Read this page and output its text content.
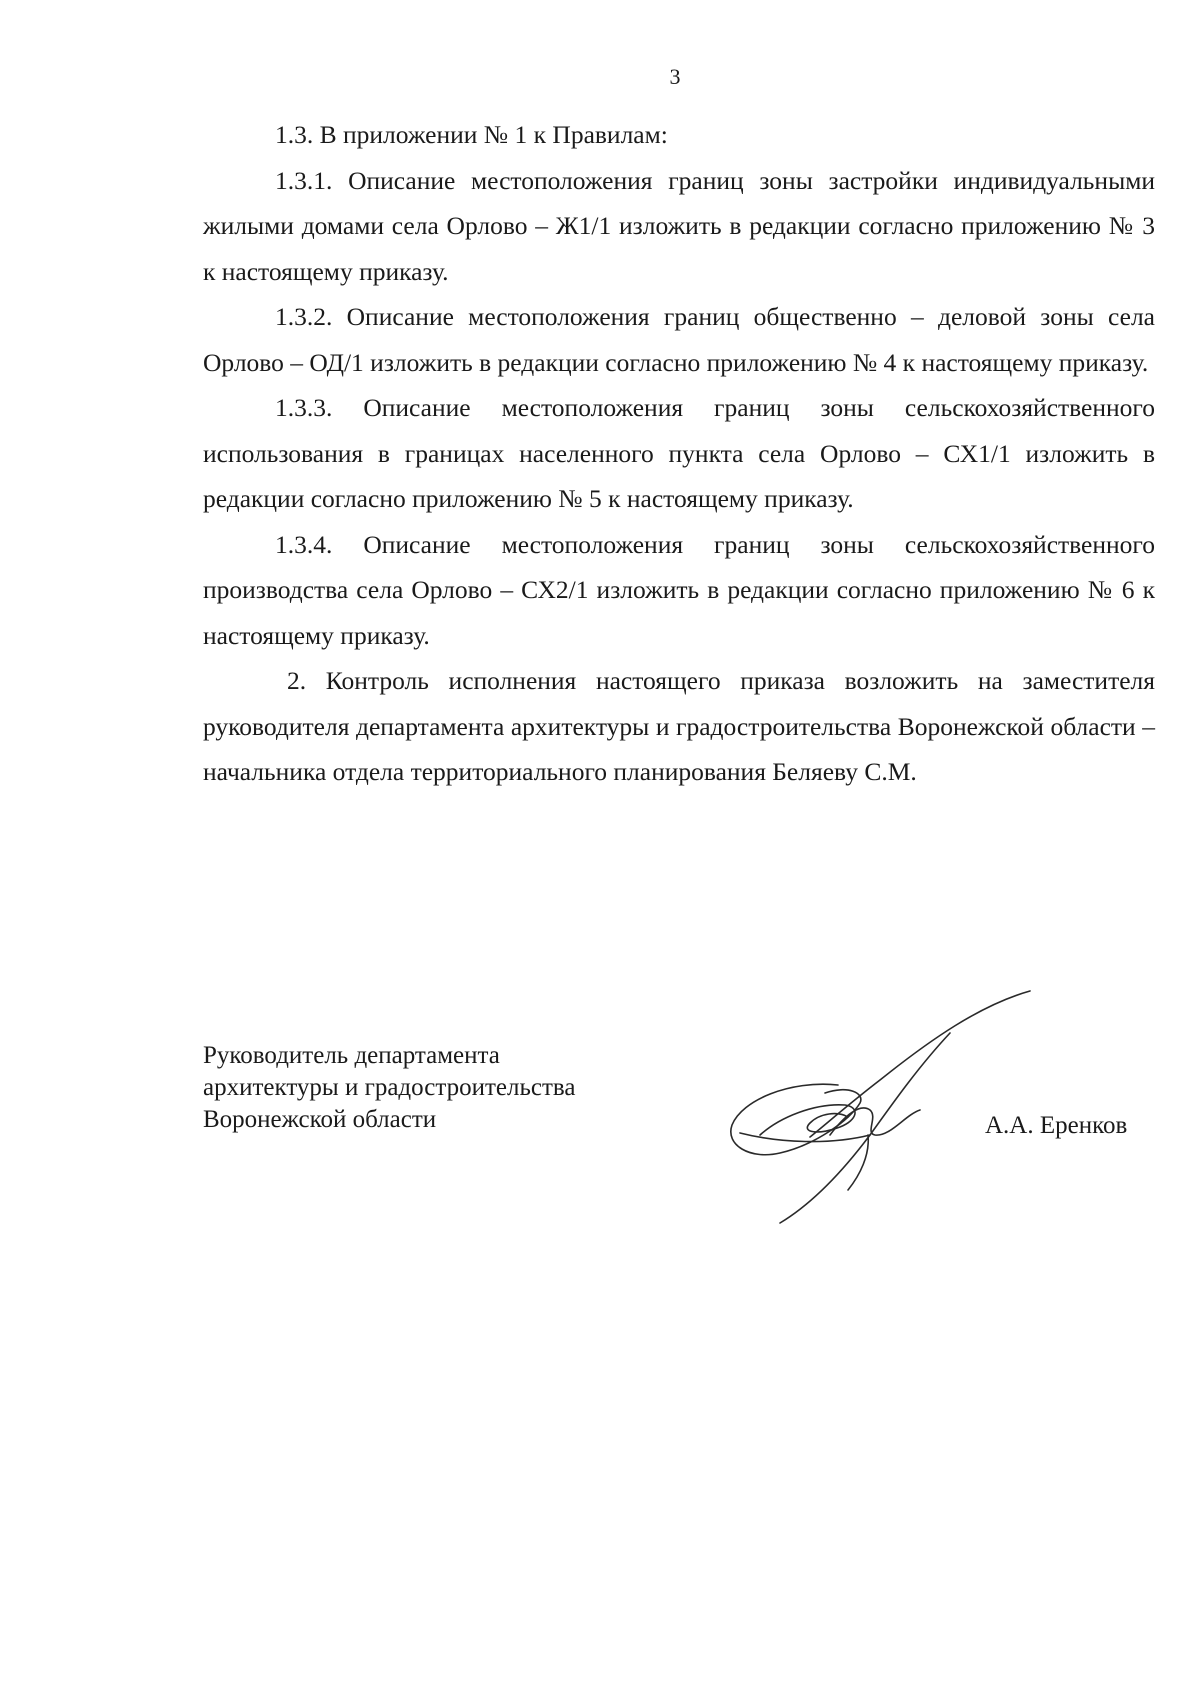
3

1.3. В приложении № 1 к Правилам:

1.3.1. Описание местоположения границ зоны застройки индивидуальными жилыми домами села Орлово – Ж1/1 изложить в редакции согласно приложению № 3 к настоящему приказу.

1.3.2. Описание местоположения границ общественно – деловой зоны села Орлово – ОД/1 изложить в редакции согласно приложению № 4 к настоящему приказу.

1.3.3. Описание местоположения границ зоны сельскохозяйственного использования в границах населенного пункта села Орлово – СХ1/1 изложить в редакции согласно приложению № 5 к настоящему приказу.

1.3.4. Описание местоположения границ зоны сельскохозяйственного производства села Орлово – СХ2/1 изложить в редакции согласно приложению № 6 к настоящему приказу.

2. Контроль исполнения настоящего приказа возложить на заместителя руководителя департамента архитектуры и градостроительства Воронежской области – начальника отдела территориального планирования Беляеву С.М.

Руководитель департамента
архитектуры и градостроительства
Воронежской области	А.А. Еренков
